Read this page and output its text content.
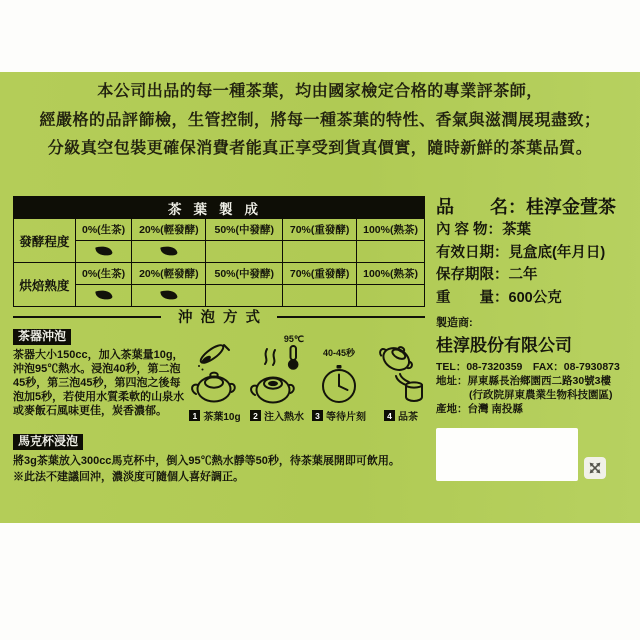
本公司出品的每一種茶葉，均由國家檢定合格的專業評茶師，
經嚴格的品評篩檢，生管控制，將每一種茶葉的特性、香氣與滋潤展現盡致；
分級真空包裝更確保消費者能真正享受到貨真價實，隨時新鮮的茶葉品質。
茶葉製成					
發酵程度	0%(生茶)	20%(輕發酵)	50%(中發酵)	70%(重發酵)	100%(熟茶)

烘焙熟度	0%(生茶)	20%(輕發酵)	50%(中發酵)	70%(重發酵)	100%(熟茶)

沖泡方式
茶器沖泡
茶器大小150cc，加入茶葉量10g，沖泡95℃熱水。浸泡40秒，第二泡45秒，第三泡45秒，第四泡之後每泡加5秒，若使用水質柔軟的山泉水或麥飯石風味更佳，炭香濃郁。	1 茶葉10g
95℃
2 注入熱水
40-45秒
3 等待片刻	4 品茶
馬克杯浸泡
將3g茶葉放入300cc馬克杯中，倒入95℃熱水靜等50秒，待茶葉展開即可飲用。
※此法不建議回沖，濃淡度可隨個人喜好調正。
品　　名：桂淳金萱茶
內 容 物：茶葉
有效日期：見盒底(年月日)
保存期限：二年
重　　量：600公克
製造商:
桂淳股份有限公司
TEL：08-7320359　FAX：08-7930873
地址：屏東縣長治鄉園西二路30號3樓
(行政院屏東農業生物科技園區)
產地：台灣 南投縣
